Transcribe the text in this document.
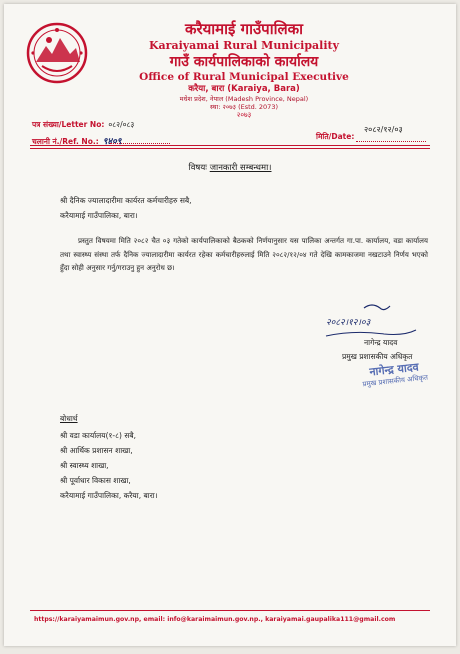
करैयामाई गाउँपालिका
Karaiyamai Rural Municipality
गाउँ कार्यपालिकाको कार्यालय
Office of Rural Municipal Executive
करैया, बारा (Karaiya, Bara)
मधेश प्रदेश, नेपाल (Madesh Province, Nepal)
स्था: २०७३ (Estd. 2073)
२०७३
पत्र संख्या/Letter No: ०८२/०८३
चलानी नं./Ref. No.: ९४०९
मिति/Date:
२०८२/१२/०३
विषयः जानकारी सम्बन्धमा।
श्री दैनिक ज्यालादारीमा कार्यरत कर्मचारीहरु सबै,
करैयामाई गाउँपालिका, बारा।
प्रस्तुत विषयमा मिति २०८२ चैत ०३ गतेको कार्यपालिकाको बैठकको निर्णयानुसार यस पालिका अन्तर्गत गा.पा. कार्यालय, वडा कार्यालय तथा स्वास्थ्य संस्था तर्फ दैनिक ज्यालादारीमा कार्यरत रहेका कर्मचारीहरुलाई मिति २०८२/१२/०४ गते देखि कामकाजमा नखटाउने निर्णय भएको हुँदा सोही अनुसार गर्नु/गराउनु हुन अनुरोध छ।
२०८२।१२।०३
नागेन्द्र यादव
प्रमुख प्रशासकीय अधिकृत
नागेन्द्र यादव
प्रमुख प्रशासकीय अधिकृत
बोधार्थ
श्री वडा कार्यालय(१-८) सबै,
श्री आर्थिक प्रशासन शाखा,
श्री स्वास्थ्य शाखा,
श्री पूर्वाधार विकास शाखा,
करैयामाई गाउँपालिका, करैया, बारा।
https://karaiyamaimun.gov.np, email: info@karaimaimun.gov.np., karaiyamai.gaupalika111@gmail.com
